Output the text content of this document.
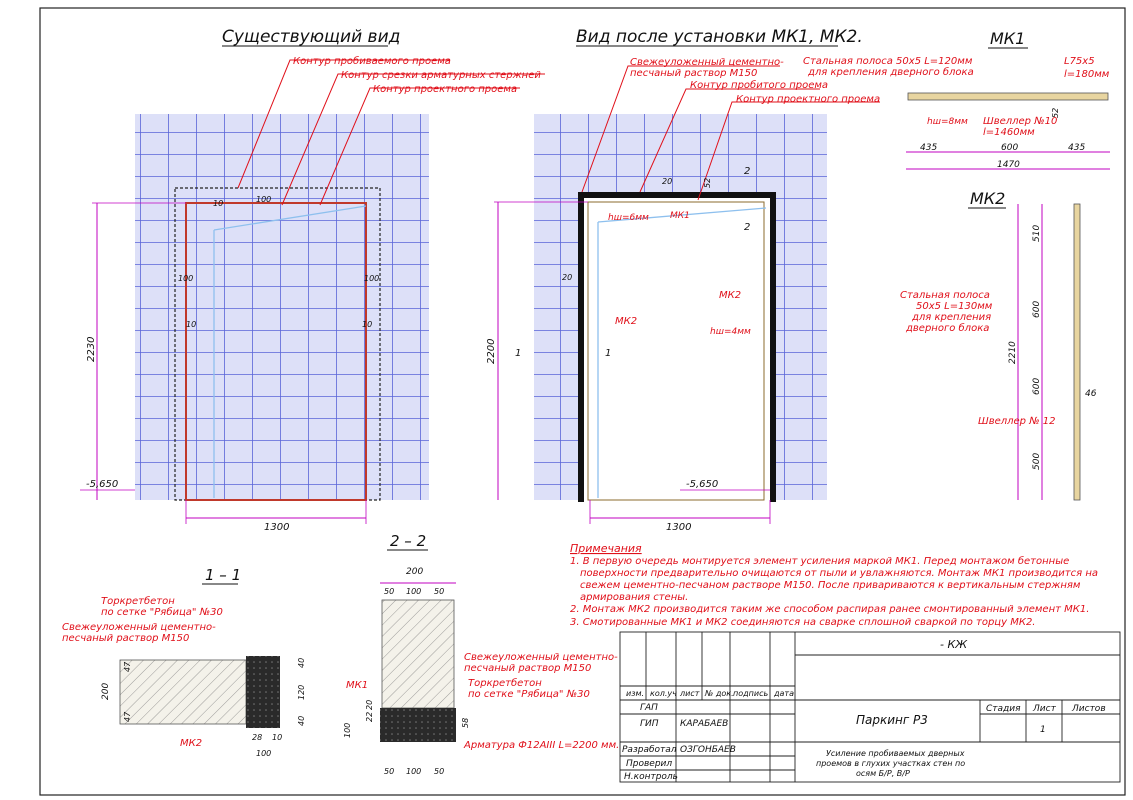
Существующий вид
Контур пробиваемого проема
Контур срезки арматурных стержней
Контур проектного проема
10	100
100	100
10	10
2230
-5,650
1300
Вид после установки МК1, МК2.
Свежеуложенный цементно-
песчаный раствор М150
Контур пробитого проема
Контур проектного проема
20	52
20
hш=6мм МК1
МК2
МК2
hш=4мм
2
2
1	1
2200
-5,650
1300
МК1
Стальная полоса 50х5 L=120мм
для крепления дверного блока
L75x5
l=180мм
hш=8мм Швеллер №10
l=1460мм
52
435	600	435
1470
МК2
510
600
600
500
2210
46
Стальная полоса
50х5 L=130мм
для крепления
дверного блока
Швеллер № 12
1 – 1
Торкретбетон
по сетке "Рябица" №30
Свежеуложенный цементно-
песчаный раствор М150
МК2
200
47
47
40
120
40
28 10
100
2 – 2
200
50 100 50
Свежеуложенный цементно-
песчаный раствор М150
Торкретбетон
по сетке "Рябица" №30
МК1
Арматура Ф12АIII L=2200 мм.
20
22
100	58
50 100 50
Примечания
1. В первую очередь монтируется элемент усиления маркой МК1. Перед монтажом бетонные
поверхности предварительно очищаются от пыли и увлажняются. Монтаж МК1 производится на
свежем цементно-песчаном растворе М150. После привариваются к вертикальным стержням
армирования стены.
2. Монтаж МК2 производится таким же способом распирая ранее смонтированный элемент МК1.
3. Смотированные МК1 и МК2 соединяются на сварке сплошной сваркой по торцу МК2.
- КЖ
изм. кол.уч лист № док. подпись дата
ГАП
ГИП КАРАБАЕВ
Разработал ОЗГОНБАЕВ
Проверил
Н.контроль
Паркинг Р3
Стадия Лист Листов
1
Усиление пробиваемых дверных
проемов в глухих участках стен по
осям Б/Р, В/Р
